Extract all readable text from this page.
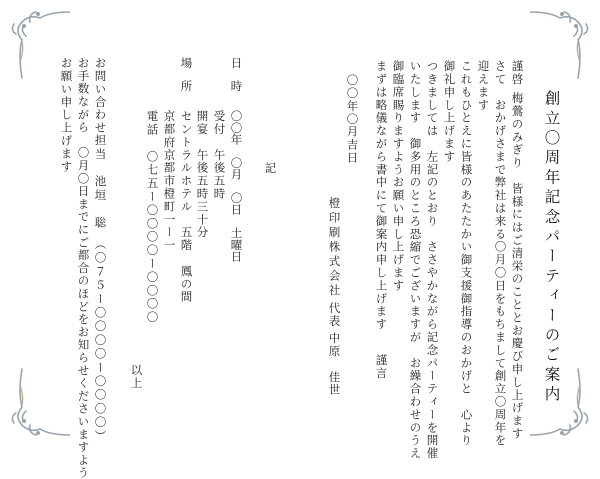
謹啓
創立〇周年記念パーティーのご案内
梅鶯のみぎり　皆様にはご清栄のこととお慶び申し上げます
さて　おかげさまで弊社は来る〇月〇日をもちまして創立〇周年を
迎えます
これもひとえに皆様のあたたかい御支援御指導のおかげと　心より
御礼申し上げます
つきましては　左記のとおり　ささやかながら記念パーティーを開催
いたします　御多用のところ恐縮でございますが　お繰合わせのうえ
御臨席賜りますようお願い申し上げます
まずは略儀ながら書中にて御案内申し上げます
謹言
〇〇年〇月吉日
橙印刷株式会社
代表
中原　佳世
記
日
時
〇〇年　〇月　〇日　土曜日
受付　午後五時
開宴　午後五時三十分
場
所
セントラルホテル　五階　鳳の間
京都府京都市橙町一ー一
電話　〇七五ー〇〇〇〇ー〇〇〇〇
以上
お問い合わせ
担当　池垣　聡　（〇７５ー〇〇〇〇ー〇〇〇〇）
お手数ながら　〇月〇日までにご都合のほどをお知らせくださいますよう
お願い申し上げます
